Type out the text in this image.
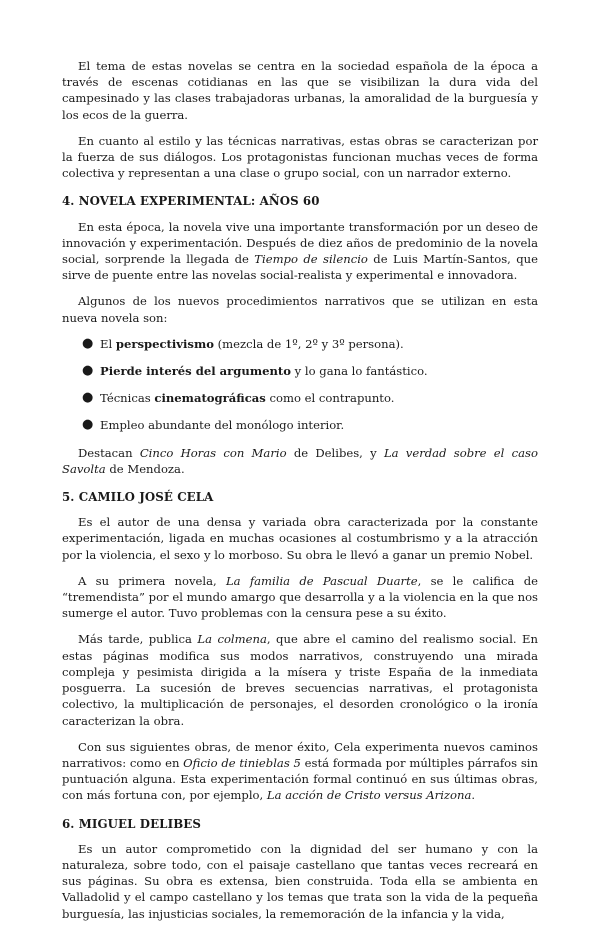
El tema de estas novelas se centra en la sociedad española de la época a través de escenas cotidianas en las que se visibilizan la dura vida del campesinado y las clases trabajadoras urbanas, la amoralidad de la burguesía y los ecos de la guerra.

En cuanto al estilo y las técnicas narrativas, estas obras se caracterizan por la fuerza de sus diálogos. Los protagonistas funcionan muchas veces de forma colectiva y representan a una clase o grupo social, con un narrador externo.

4. NOVELA EXPERIMENTAL: AÑOS 60

En esta época, la novela vive una importante transformación por un deseo de innovación y experimentación. Después de diez años de predominio de la novela social, sorprende la llegada de Tiempo de silencio de Luis Martín-Santos, que sirve de puente entre las novelas social-realista y experimental e innovadora.

Algunos de los nuevos procedimientos narrativos que se utilizan en esta nueva novela son:

● El perspectivismo (mezcla de 1º, 2º y 3º persona).
● Pierde interés del argumento y lo gana lo fantástico.
● Técnicas cinematográficas como el contrapunto.
● Empleo abundante del monólogo interior.

Destacan Cinco Horas con Mario de Delibes, y La verdad sobre el caso Savolta de Mendoza.

5. CAMILO JOSÉ CELA

Es el autor de una densa y variada obra caracterizada por la constante experimentación, ligada en muchas ocasiones al costumbrismo y a la atracción por la violencia, el sexo y lo morboso. Su obra le llevó a ganar un premio Nobel.

A su primera novela, La familia de Pascual Duarte, se le califica de “tremendista” por el mundo amargo que desarrolla y a la violencia en la que nos sumerge el autor. Tuvo problemas con la censura pese a su éxito.

Más tarde, publica La colmena, que abre el camino del realismo social. En estas páginas modifica sus modos narrativos, construyendo una mirada compleja y pesimista dirigida a la mísera y triste España de la inmediata posguerra. La sucesión de breves secuencias narrativas, el protagonista colectivo, la multiplicación de personajes, el desorden cronológico o la ironía caracterizan la obra.

Con sus siguientes obras, de menor éxito, Cela experimenta nuevos caminos narrativos: como en Oficio de tinieblas 5 está formada por múltiples párrafos sin puntuación alguna. Esta experimentación formal continuó en sus últimas obras, con más fortuna con, por ejemplo, La acción de Cristo versus Arizona.

6. MIGUEL DELIBES

Es un autor comprometido con la dignidad del ser humano y con la naturaleza, sobre todo, con el paisaje castellano que tantas veces recreará en sus páginas. Su obra es extensa, bien construida. Toda ella se ambienta en Valladolid y el campo castellano y los temas que trata son la vida de la pequeña burguesía, las injusticias sociales, la rememoración de la infancia y la vida,
